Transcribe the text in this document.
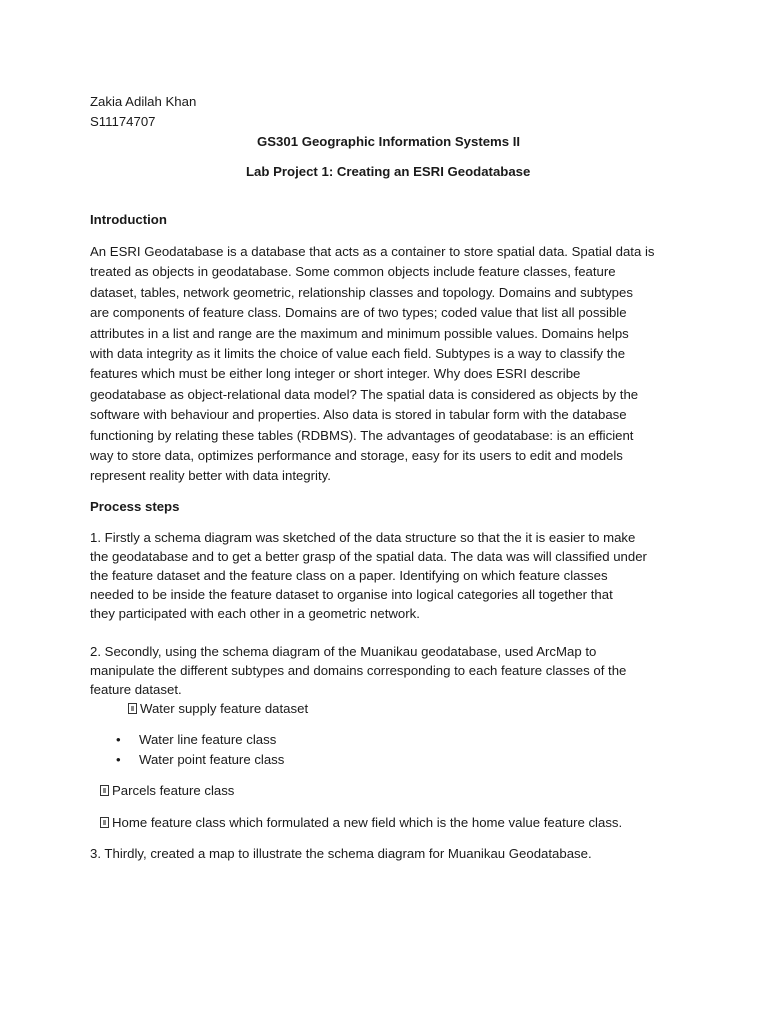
Zakia Adilah Khan
S11174707
GS301 Geographic Information Systems II
Lab Project 1: Creating an ESRI Geodatabase
Introduction
An ESRI Geodatabase is a database that acts as a container to store spatial data. Spatial data is
treated as objects in geodatabase. Some common objects include feature classes, feature
dataset, tables, network geometric, relationship classes and topology. Domains and subtypes
are components of feature class. Domains are of two types; coded value that list all possible
attributes in a list and range are the maximum and minimum possible values. Domains helps
with data integrity as it limits the choice of value each field. Subtypes is a way to classify the
features which must be either long integer or short integer. Why does ESRI describe
geodatabase as object-relational data model? The spatial data is considered as objects by the
software with behaviour and properties. Also data is stored in tabular form with the database
functioning by relating these tables (RDBMS). The advantages of geodatabase: is an efficient
way to store data, optimizes performance and storage, easy for its users to edit and models
represent reality better with data integrity.
Process steps
1. Firstly a schema diagram was sketched of the data structure so that the it is easier to make
the geodatabase and to get a better grasp of the spatial data. The data was will classified under
the feature dataset and the feature class on a paper. Identifying on which feature classes
needed to be inside the feature dataset to organise into logical categories all together that
they participated with each other in a geometric network.
2. Secondly, using the schema diagram of the Muanikau geodatabase, used ArcMap to
manipulate the different subtypes and domains corresponding to each feature classes of the
feature dataset.
Water supply feature dataset
• Water line feature class
• Water point feature class
Parcels feature class
Home feature class which formulated a new field which is the home value feature class.
3. Thirdly, created a map to illustrate the schema diagram for Muanikau Geodatabase.
